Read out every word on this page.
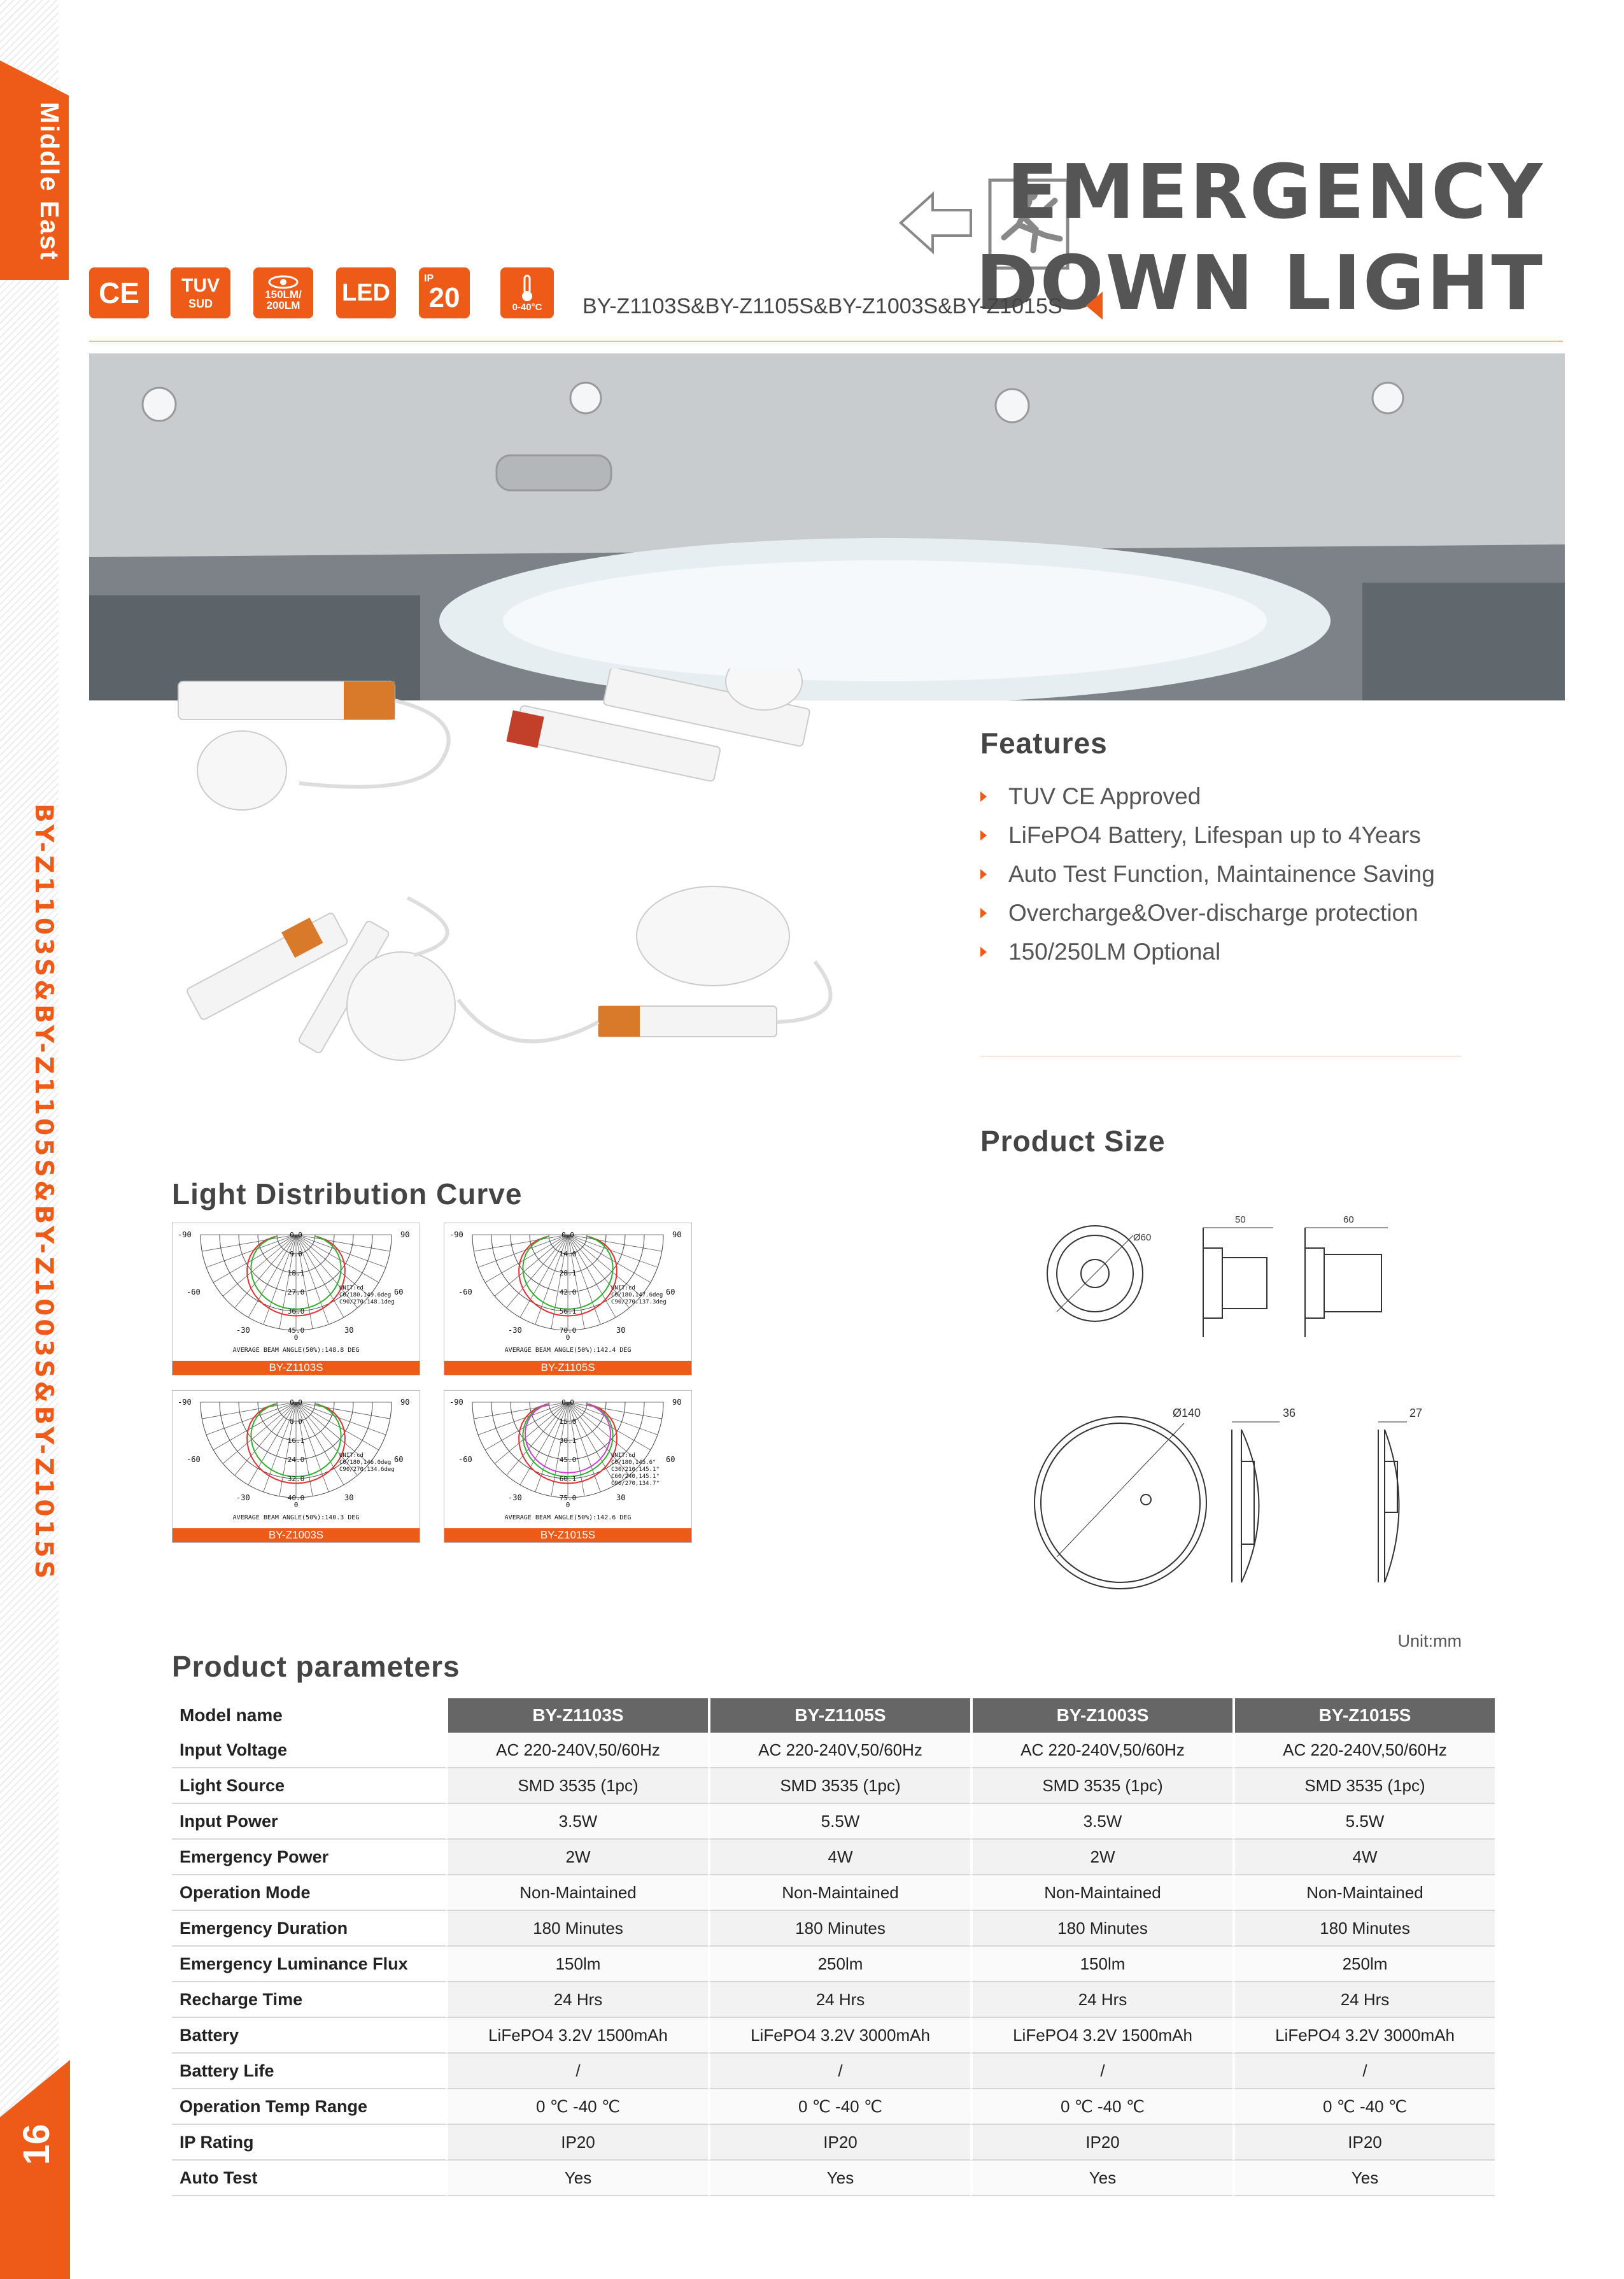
Middle East
BY-Z1103S&BY-Z1105S&BY-Z1003S&BY-Z1015S
16
EMERGENCY
DOWN LIGHT
BY-Z1103S&BY-Z1105S&BY-Z1003S&BY-Z1015S
CE TUV
SUD
150LM/
200LM LED
IP
20	0-40°C
Features
TUV CE Approved
LiFePO4 Battery, Lifespan up to 4Years
Auto Test Function, Maintainence Saving
Overcharge&Over-discharge protection
150/250LM Optional
Product Size
Ø60
50	60
Ø140	36	27
Unit:mm
Light Distribution Curve
-90	90
-60	60
-30	30
0
0.0
9.0
18.1
27.0
36.0
45.0
UNIT:cd
C0/180,149.6deg
C90/270,148.1deg
AVERAGE BEAM ANGLE(50%):148.8 DEG
BY-Z1103S
-90	90
-60	60
-30	30
0
0.0
14.0
28.1
42.0
56.1
70.0
UNIT:cd
C0/180,147.6deg
C90/270,137.3deg
AVERAGE BEAM ANGLE(50%):142.4 DEG
BY-Z1105S
-90	90
-60	60
-30	30
0
0.0
8.0
16.1
24.0
32.0
40.0
UNIT:cd
C0/180,146.0deg
C90/270,134.6deg
AVERAGE BEAM ANGLE(50%):140.3 DEG
BY-Z1003S
-90	90
-60	60
-30	30
0
0.0
15.0
30.1
45.0
60.1
75.0
UNIT:cd
C0/180,145.6°
C30/210,145.1°
C60/240,145.1°
C90/270,134.7°
AVERAGE BEAM ANGLE(50%):142.6 DEG
BY-Z1015S
Product parameters
Model name	BY-Z1103S	BY-Z1105S	BY-Z1003S	BY-Z1015S
Input Voltage	AC 220-240V,50/60Hz	AC 220-240V,50/60Hz	AC 220-240V,50/60Hz	AC 220-240V,50/60Hz
Light Source	SMD 3535 (1pc)	SMD 3535 (1pc)	SMD 3535 (1pc)	SMD 3535 (1pc)
Input Power	3.5W	5.5W	3.5W	5.5W
Emergency Power	2W	4W	2W	4W
Operation Mode	Non-Maintained	Non-Maintained	Non-Maintained	Non-Maintained
Emergency Duration	180 Minutes	180 Minutes	180 Minutes	180 Minutes
Emergency Luminance Flux	150lm	250lm	150lm	250lm
Recharge Time	24 Hrs	24 Hrs	24 Hrs	24 Hrs
Battery	LiFePO4 3.2V 1500mAh	LiFePO4 3.2V 3000mAh	LiFePO4 3.2V 1500mAh	LiFePO4 3.2V 3000mAh
Battery Life	/	/	/	/
Operation Temp Range	0 ℃ -40 ℃	0 ℃ -40 ℃	0 ℃ -40 ℃	0 ℃ -40 ℃
IP Rating	IP20	IP20	IP20	IP20
Auto Test	Yes	Yes	Yes	Yes
